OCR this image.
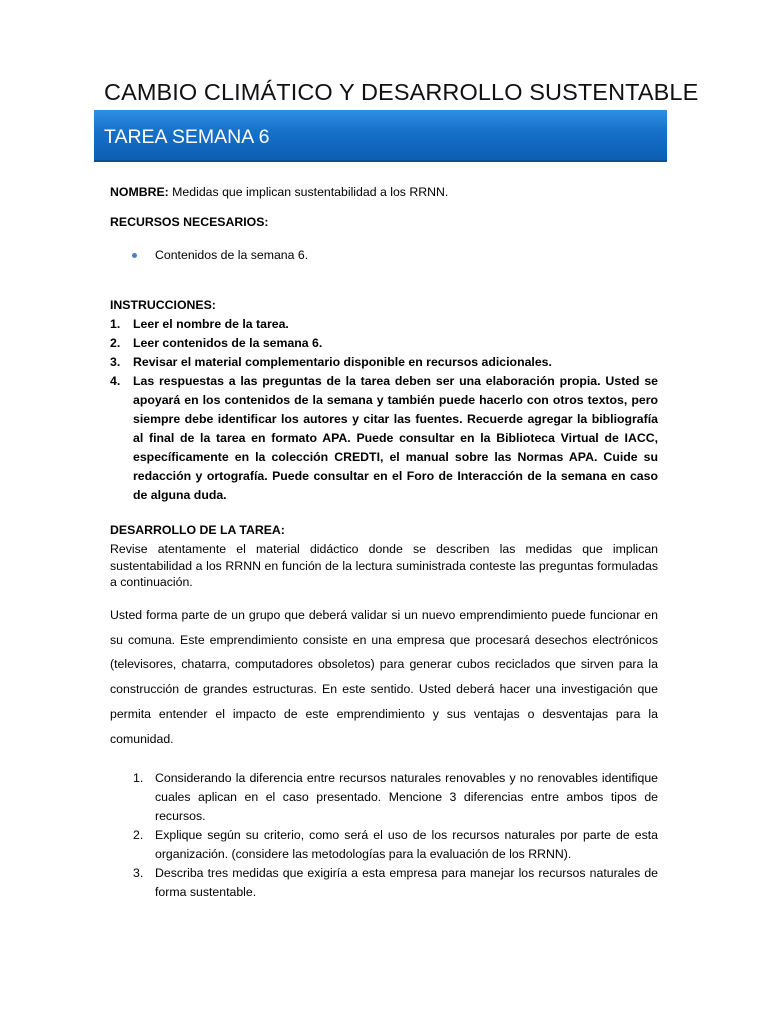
CAMBIO CLIMÁTICO Y DESARROLLO SUSTENTABLE
TAREA SEMANA 6
NOMBRE: Medidas que implican sustentabilidad a los RRNN.
RECURSOS NECESARIOS:
Contenidos de la semana 6.
INSTRUCCIONES:
1. Leer el nombre de la tarea.
2. Leer contenidos de la semana 6.
3. Revisar el material complementario disponible en recursos adicionales.
4. Las respuestas a las preguntas de la tarea deben ser una elaboración propia. Usted se apoyará en los contenidos de la semana y también puede hacerlo con otros textos, pero siempre debe identificar los autores y citar las fuentes. Recuerde agregar la bibliografía al final de la tarea en formato APA. Puede consultar en la Biblioteca Virtual de IACC, específicamente en la colección CREDTI, el manual sobre las Normas APA. Cuide su redacción y ortografía. Puede consultar en el Foro de Interacción de la semana en caso de alguna duda.
DESARROLLO DE LA TAREA:
Revise atentamente el material didáctico donde se describen las medidas que implican sustentabilidad a los RRNN en función de la lectura suministrada conteste las preguntas formuladas a continuación.
Usted forma parte de un grupo que deberá validar si un nuevo emprendimiento puede funcionar en su comuna. Este emprendimiento consiste en una empresa que procesará desechos electrónicos (televisores, chatarra, computadores obsoletos) para generar cubos reciclados que sirven para la construcción de grandes estructuras. En este sentido. Usted deberá hacer una investigación que permita entender el impacto de este emprendimiento y sus ventajas o desventajas para la comunidad.
1. Considerando la diferencia entre recursos naturales renovables y no renovables identifique cuales aplican en el caso presentado. Mencione 3 diferencias entre ambos tipos de recursos.
2. Explique según su criterio, como será el uso de los recursos naturales por parte de esta organización. (considere las metodologías para la evaluación de los RRNN).
3. Describa tres medidas que exigiría a esta empresa para manejar los recursos naturales de forma sustentable.
